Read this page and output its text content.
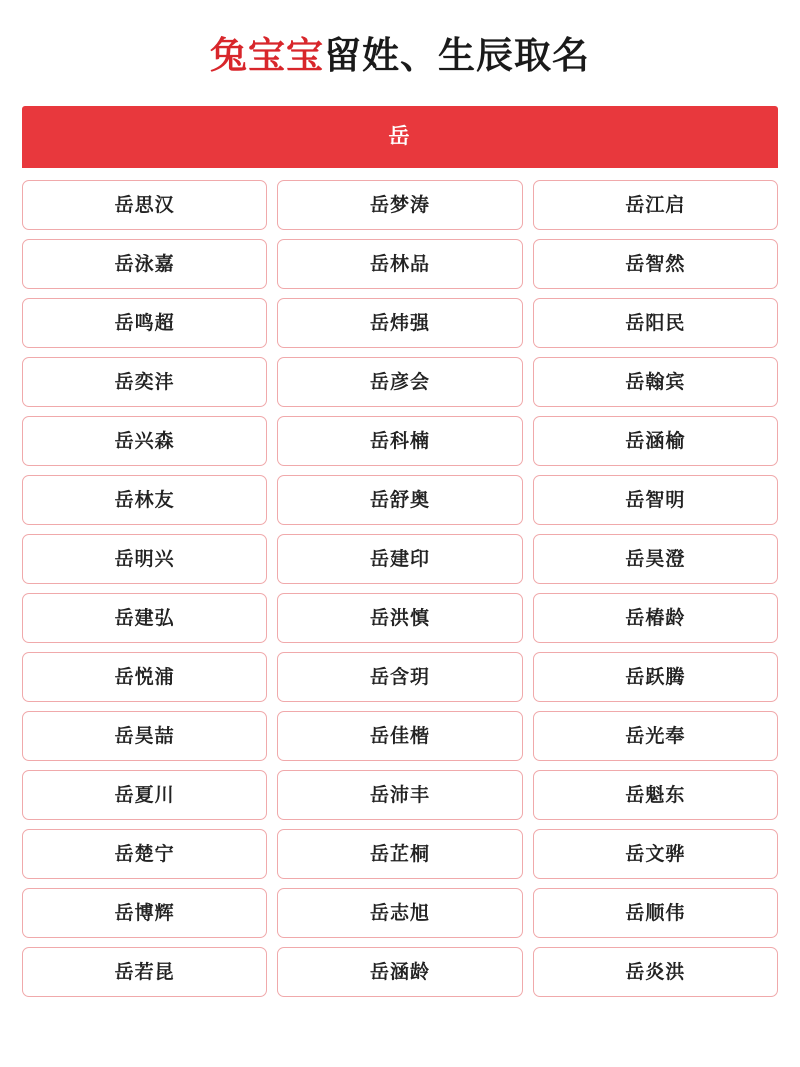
兔宝宝留姓、生辰取名
岳
岳思汉	岳梦涛	岳江启
岳泳嘉	岳林品	岳智然
岳鸣超	岳炜强	岳阳民
岳奕沣	岳彦会	岳翰宾
岳兴森	岳科楠	岳涵榆
岳林友	岳舒奥	岳智明
岳明兴	岳建印	岳昊澄
岳建弘	岳洪慎	岳椿龄
岳悦浦	岳含玥	岳跃腾
岳昊喆	岳佳楷	岳光奉
岳夏川	岳沛丰	岳魁东
岳楚宁	岳芷桐	岳文骅
岳博辉	岳志旭	岳顺伟
岳若昆	岳涵龄	岳炎洪
